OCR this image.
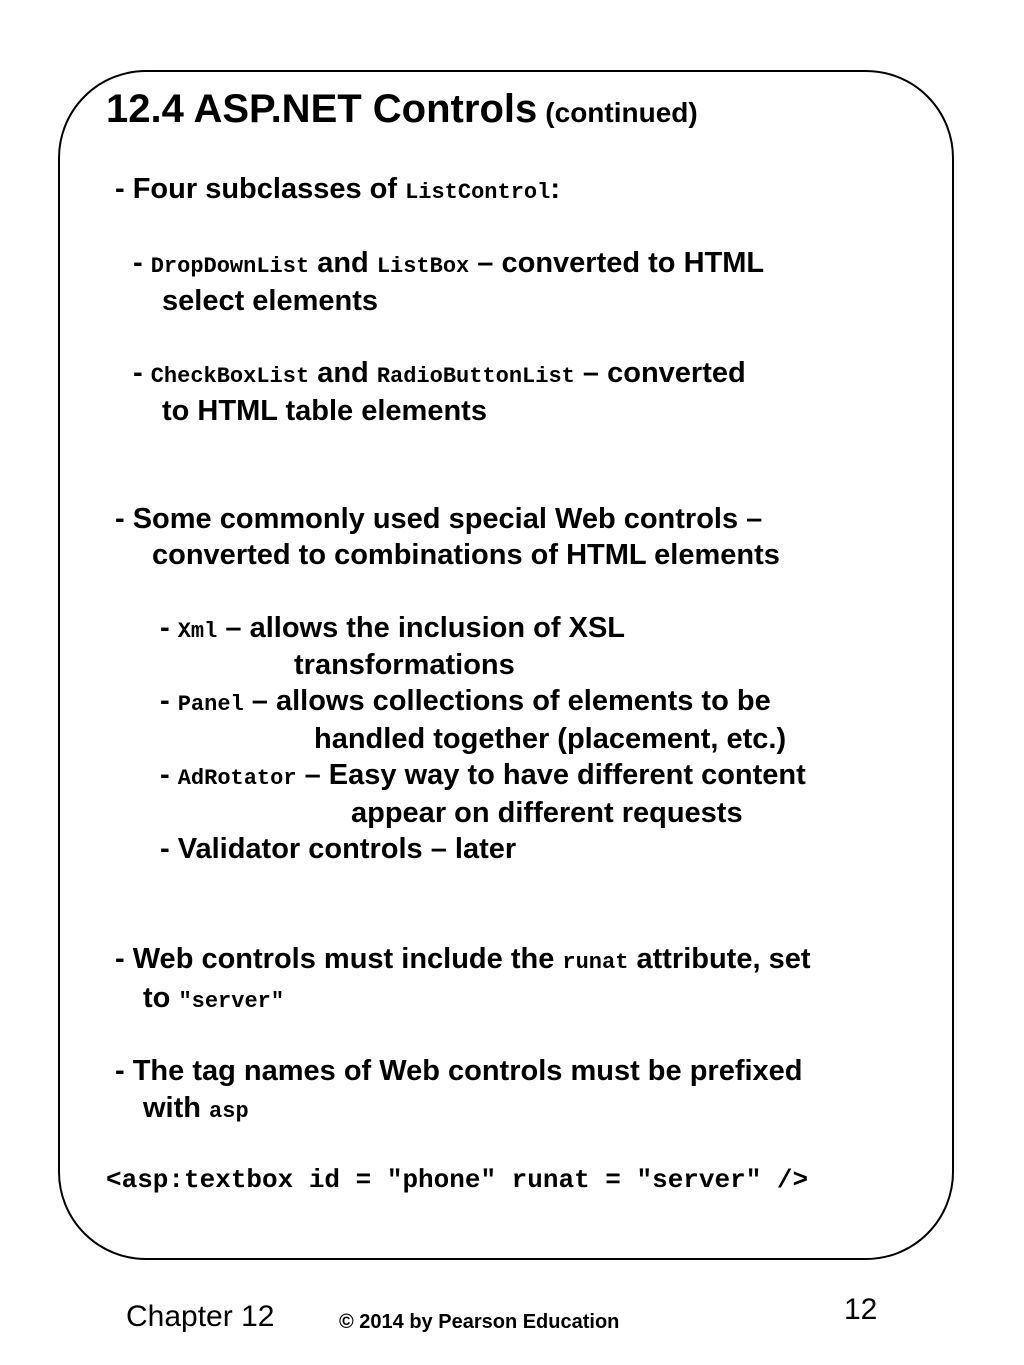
12.4 ASP.NET Controls (continued)
- Four subclasses of ListControl:
- DropDownList and ListBox – converted to HTML
select elements
- CheckBoxList and RadioButtonList – converted
to HTML table elements
- Some commonly used special Web controls –
converted to combinations of HTML elements
- Xml – allows the inclusion of XSL
transformations
- Panel – allows collections of elements to be
handled together (placement, etc.)
- AdRotator – Easy way to have different content
appear on different requests
- Validator controls – later
- Web controls must include the runat attribute, set
to ″server″
- The tag names of Web controls must be prefixed
with asp
<asp:textbox id = ″phone″ runat = ″server″ />
Chapter 12	© 2014 by Pearson Education	12
